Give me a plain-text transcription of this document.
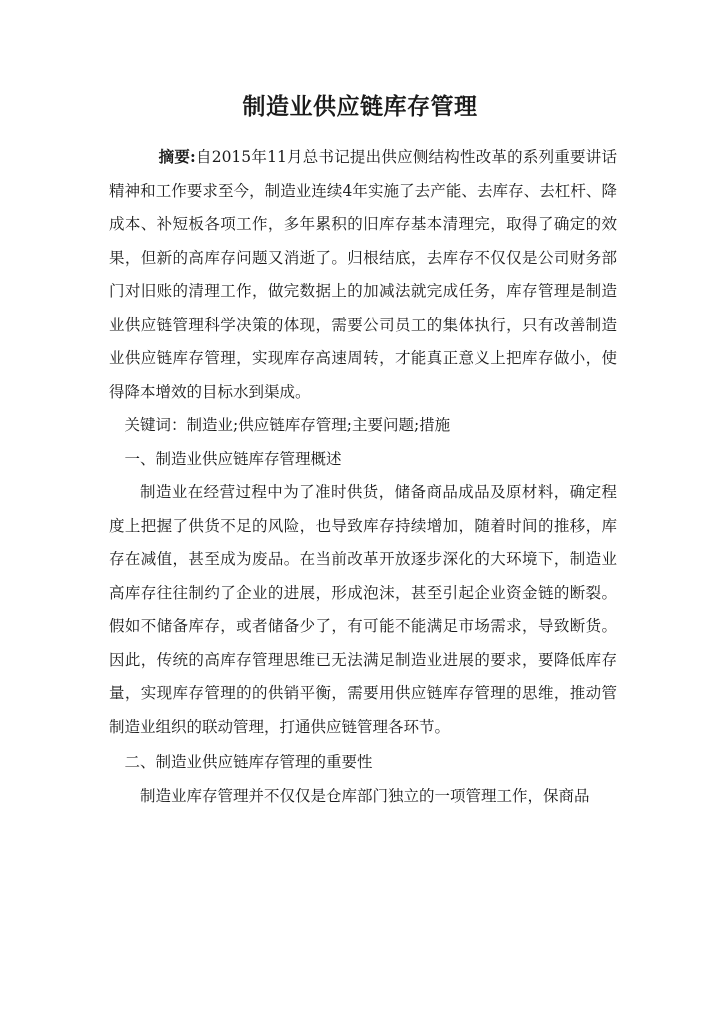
制造业供应链库存管理

摘要:自2015年11月总书记提出供应侧结构性改革的系列重要讲话精神和工作要求至今，制造业连续4年实施了去产能、去库存、去杠杆、降成本、补短板各项工作，多年累积的旧库存基本清理完，取得了确定的效果，但新的高库存问题又消逝了。归根结底，去库存不仅仅是公司财务部门对旧账的清理工作，做完数据上的加减法就完成任务，库存管理是制造业供应链管理科学决策的体现，需要公司员工的集体执行，只有改善制造业供应链库存管理，实现库存高速周转，才能真正意义上把库存做小，使得降本增效的目标水到渠成。

关键词：制造业;供应链库存管理;主要问题;措施

一、制造业供应链库存管理概述

制造业在经营过程中为了准时供货，储备商品成品及原材料，确定程度上把握了供货不足的风险，也导致库存持续增加，随着时间的推移，库存在减值，甚至成为废品。在当前改革开放逐步深化的大环境下，制造业高库存往往制约了企业的进展，形成泡沫，甚至引起企业资金链的断裂。假如不储备库存，或者储备少了，有可能不能满足市场需求，导致断货。因此，传统的高库存管理思维已无法满足制造业进展的要求，要降低库存量，实现库存管理的的供销平衡，需要用供应链库存管理的思维，推动管制造业组织的联动管理，打通供应链管理各环节。

二、制造业供应链库存管理的重要性

制造业库存管理并不仅仅是仓库部门独立的一项管理工作，保商品
